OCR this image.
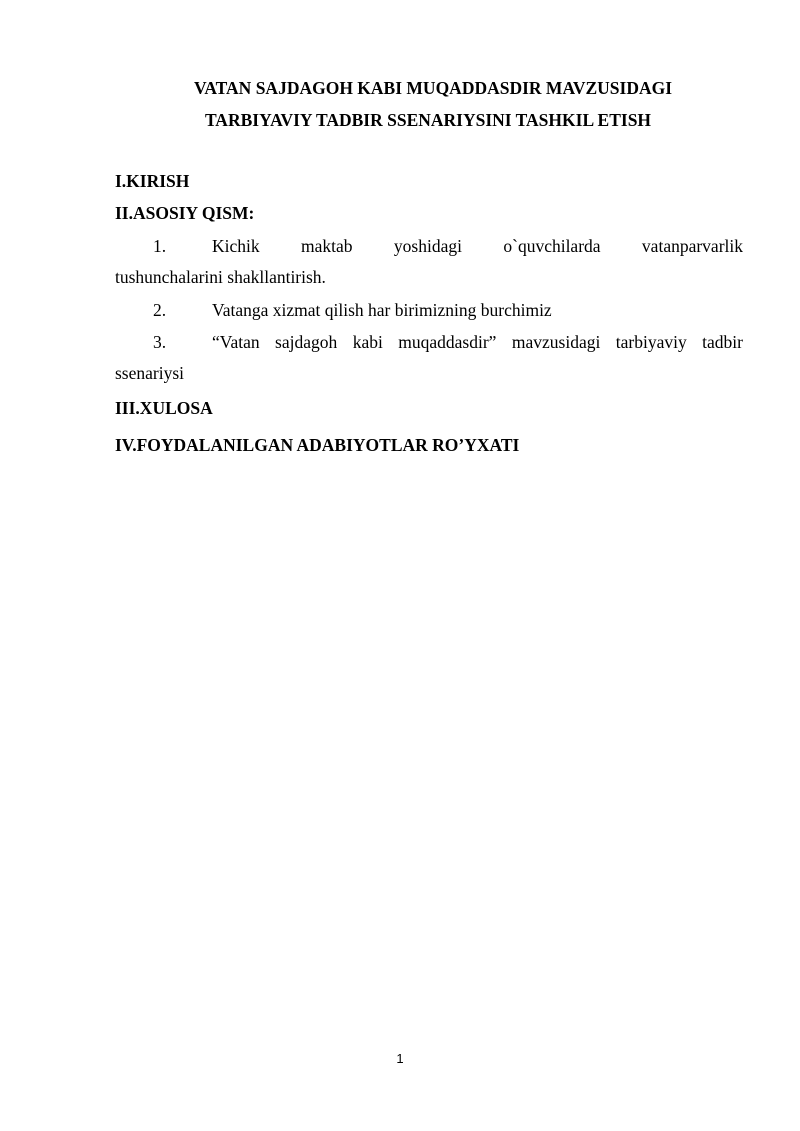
VATAN SAJDAGOH KABI MUQADDASDIR MAVZUSIDAGI
TARBIYAVIY TADBIR SSENARIYSINI TASHKIL ETISH
I.KIRISH
II.ASOSIY QISM:
1.	Kichik maktab yoshidagi o`quvchilarda vatanparvarlik
tushunchalarini shakllantirish.
2.	Vatanga xizmat qilish har birimizning burchimiz
3.	“Vatan sajdagoh kabi muqaddasdir” mavzusidagi tarbiyaviy tadbir
ssenariysi
III.XULOSA
IV.FOYDALANILGAN ADABIYOTLAR RO’YXATI
1
